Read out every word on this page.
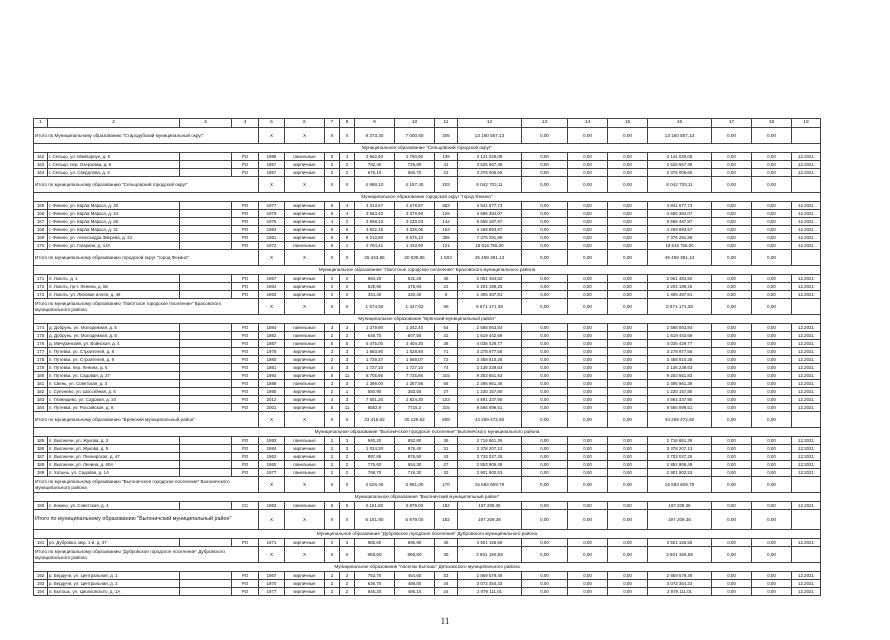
1	2	3	4	5	6	7	8	9	10	11	12	13	14	15	16	17	18	19
Итого по Муниципальному образованию "Стародубский муниципальный округ"				X	X	X	X	9 373,30	7 000,50	305	13 160 557,13	0,00	0,00	0,00	13 160 557,13	0,00	0,00	
Муниципальное образование "Сельцовский городской округ"																		
162	г. Сельцо, ул. Майпарнуе, д. 5		РО	1986	панельные	5	4	3 562,60	2 780,90	139	3 141 029,08	0,00	0,00	0,00	3 141 029,08	0,00	0,00	12.2021
163	г. Сельцо, пер. Озерзовка, д. 6		РО	1957	кирпичные	2	2	792,40	725,80	41	2 525 667,38	0,00	0,00	0,00	2 525 667,38	0,00	0,00	12.2021
164	г. Сельцо, ул. Свердлова, д. 3		РО	1957	кирпичные	2	2	676,10	650,70	23	2 376 006,65	0,00	0,00	0,00	2 376 006,65	0,00	0,00	12.2021
Итого по муниципальному образованию "Сельцовский городской округ"				X	X	X	X	4 988,10	4 157,40	203	8 042 703,11	0,00	0,00	0,00	8 042 703,11	0,00	0,00	
Муниципальное образование городской округ "город Фокино"																		
165	г. Фокино, ул. Карла Маркса, д. 20		РО	1977	кирпичные	5	4	4 313,67	2 678,87	583	4 941 577,73	0,00	0,00	0,00	4 941 577,73	0,00	0,00	12.2021
166	г. Фокино, ул. Карла Маркса, д. 24		РО	1979	кирпичные	5	4	3 653,40	3 379,90	129	4 696 384,07	0,00	0,00	0,00	4 696 384,07	0,00	0,00	12.2021
167	г. Фокино, ул. Карла Маркса, д. 26		РО	1975	кирпичные	4	2	3 659,43	3 233,03	142	5 558 487,87	0,00	0,00	0,00	5 558 487,87	0,00	0,00	12.2021
168	г. Фокино, ул. Карла Маркса, д. 31		РО	1984	кирпичные	5	6	4 822,15	4 336,05	153	4 269 893,57	0,00	0,00	0,00	4 269 893,57	0,00	0,00	12.2021
169	г. Фокино, ул. Александра Зверева, д. 22		РО	1981	кирпичные	5	8	6 210,80	5 575,10	365	7 376 291,99	0,00	0,00	0,00	7 376 291,99	0,00	0,00	12.2021
170	г. Фокино, ул. Гагарина, д. 14А		РО	1972	панельные	5	1	2 784,41	1 433,90	121	18 616 756,00	0,00	0,00	0,00	18 616 756,00	0,00	0,00	12.2021
Итого по муниципальному образованию городской округ "город Фокино"				X	X	X	X	25 343,86	20 636,85	1 503	45 459 391,13	0,00	0,00	0,00	45 459 391,13	0,00	0,00	
Муниципальное образование "Локотское городское поселение" Брасовского муниципального района																		
171	п. Локоть, д. 1		РО	1967	кирпичные	2	2	684,20	631,26	36	2 061 484,82	0,00	0,00	0,00	2 061 484,82	0,00	0,00	12.2021
172	п. Локоть, пр-т. Ленина, д. 56		РО	1964	кирпичные	2	2	525,90	475,93	22	2 204 199,25	0,00	0,00	0,00	2 204 199,25	0,00	0,00	12.2021
173	п. Локоть, ул. Липовая аллея, д. 48		РО	1953	кирпичные	2	2	344,40	320,40	9	1 405 487,81	0,00	0,00	0,00	1 405 487,81	0,00	0,00	12.2021
Итого по муниципальному образованию "Локотское городское поселение" Брасовского муниципального района				X	X	X	X	1 574,50	1 427,63	69	5 671 171,38	0,00	0,00	0,00	5 671 171,38	0,00	0,00	
Муниципальное образование "Брянский муниципальный район"																		
174	д. Добрунь, ул. Молодежная, д. 5		РО	1984	панельные	3	3	1 379,90	1 342,40	64	2 588 063,84	0,00	0,00	0,00	2 588 063,84	0,00	0,00	12.2021
175	д. Добрунь, ул. Молодежная, д. 8		РО	1982	панельные	2	2	648,70	607,50	31	1 619 442,69	0,00	0,00	0,00	1 619 442,69	0,00	0,00	12.2021
176	д. Мичуринский, ул. Войнская, д. 4		РО	1987	панельные	5	5	5 475,00	3 404,30	38	4 035 429,77	0,00	0,00	0,00	4 035 429,77	0,00	0,00	12.2021
177	п. Путевка, ул. Строителей, д. 8		РО	1978	кирпичные	3	3	1 693,90	1 528,80	71	3 278 977,56	0,00	0,00	0,00	3 278 977,56	0,00	0,00	12.2021
178	п. Путевка, ул. Строителей, д. 9		РО	1980	кирпичные	3	3	1 729,37	1 568,07	72	3 458 810,28	0,00	0,00	0,00	3 458 810,28	0,00	0,00	12.2021
179	п. Путевка, пер. Ленина, д. 5		РО	1981	кирпичные	4	3	1 727,10	1 727,10	74	2 136 239,63	0,00	0,00	0,00	2 136 239,63	0,00	0,00	12.2021
180	п. Путевка, ул. Садовая, д. 27		РО	1994	кирпичные	5	11	8 705,86	7 725,86	315	9 253 651,83	0,00	0,00	0,00	9 253 651,83	0,00	0,00	12.2021
181	п. Свень, ул. Советская, д. 3		РО	1988	панельные	3	3	1 399,00	1 287,98	58	2 495 961,39	0,00	0,00	0,00	2 495 961,39	0,00	0,00	12.2021
182	с. Супонево, ул. Шоссейная, д. 5		РО	1990	кирпичные	2	1	550,90	383,50	27	1 230 157,80	0,00	0,00	0,00	1 230 157,80	0,00	0,00	12.2021
183	с. Глинищево, ул. Садовая, д. 34		РО	2012	кирпичные	4	3	7 551,20	2 834,30	103	4 591 337,90	0,00	0,00	0,00	4 591 337,90	0,00	0,00	12.2021
184	п. Путевка, ул. Российская, д. 8		РО	2001	кирпичные	5	11	6552,9	7715,2	315	9 565 099,51	0,00	0,00	0,00	9 565 099,51	0,00	0,00	12.2021
Итого по муниципальному образованию "Брянский муниципальный район"				X	X	X	X	33 415,02	30 126,62	808	44 259 472,50	0,00	0,00	0,00	44 259 472,50	0,00	0,00	
Муниципальное образование "Выгоничское городское поселение" Выгоничского муниципального района																		
185	п. Выгоничи, ул. Жукова, д. 3		РО	1983	панельные	2	3	940,20	852,80	36	2 716 861,39	0,00	0,00	0,00	2 716 861,39	0,00	0,00	12.2021
186	п. Выгоничи, ул. Жукова, д. 5		РО	1984	кирпичные	2	3	1 034,30	978,40	31	3 378 207,13	0,00	0,00	0,00	3 378 207,13	0,00	0,00	12.2021
187	п. Выгоничи, ул. Пионерская, д. 47		РО	1962	кирпичные	2	2	997,85	876,50	43	3 733 027,25	0,00	0,00	0,00	3 733 027,25	0,00	0,00	12.2021
188	п. Выгоничи, ул. Ленина, д. 60А		РО	1960	панельные	2	2	775,60	654,30	27	2 853 906,49	0,00	0,00	0,00	2 853 906,49	0,00	0,00	12.2021
189	п. Хотынь, ул. Садовая, д. 1А		РО	1977	панельные	2	2	768,70	719,30	33	2 901 902,53	0,00	0,00	0,00	2 901 902,53	0,00	0,00	12.2021
Итого по муниципальному образованию "Выгоничское городское поселение" Выгоничского муниципального района				X	X	X	X	4 526,40	3 981,00	170	15 583 609,79	0,00	0,00	0,00	15 583 609,79	0,00	0,00	
Муниципальное образование "Выгоничский муниципальный район"																		
190	с. Кокино, ул. Советская, д. 4		СС	1983	панельные	5	5	6 151,80	5 879,00	182	197 209,36	0,00	0,00	0,00	197 209,36	0,00	0,00	12.2021
Итого по муниципальному образованию "Выгоничский муниципальный район"				X	X	X	X	6 151,80	5 879,00	182	197 209,36	0,00	0,00	0,00	197 209,36	0,00	0,00	
Муниципальное образование "Дубровское городское поселение" Дубровского муниципального района																		
191	рп. Дубровка, мкр. 1-й, д. 37		РО	1971	кирпичные	2	3	985,60	896,80	36	3 501 156,58	0,00	0,00	0,00	3 501 156,58	0,00	0,00	12.2021
Итого по муниципальному образованию "Дубровское городское поселение" Дубровского муниципального района				X	X	X	X	985,60	896,80	36	3 501 156,58	0,00	0,00	0,00	3 501 156,58	0,00	0,00	
Муниципальное образование "поселок Бытошь" Дятьковского муниципального района																		
192	р. Бердучи, ул. Центральная, д. 1		РО	1967	кирпичные	2	2	753,70	454,60	53	2 859 579,49	0,00	0,00	0,00	2 859 579,49	0,00	0,00	12.2021
193	р. Бердучи, ул. Центральная, д. 2		РО	1970	кирпичные	2	2	636,70	488,00	34	3 072 354,33	0,00	0,00	0,00	3 072 354,33	0,00	0,00	12.2021
194	п. Бытошь, ул. Циолковского, д. 1А		РО	1977	кирпичные	2	2	846,20	486,10	24	2 979 111,01	0,00	0,00	0,00	2 979 111,01	0,00	0,00	12.2021
11
